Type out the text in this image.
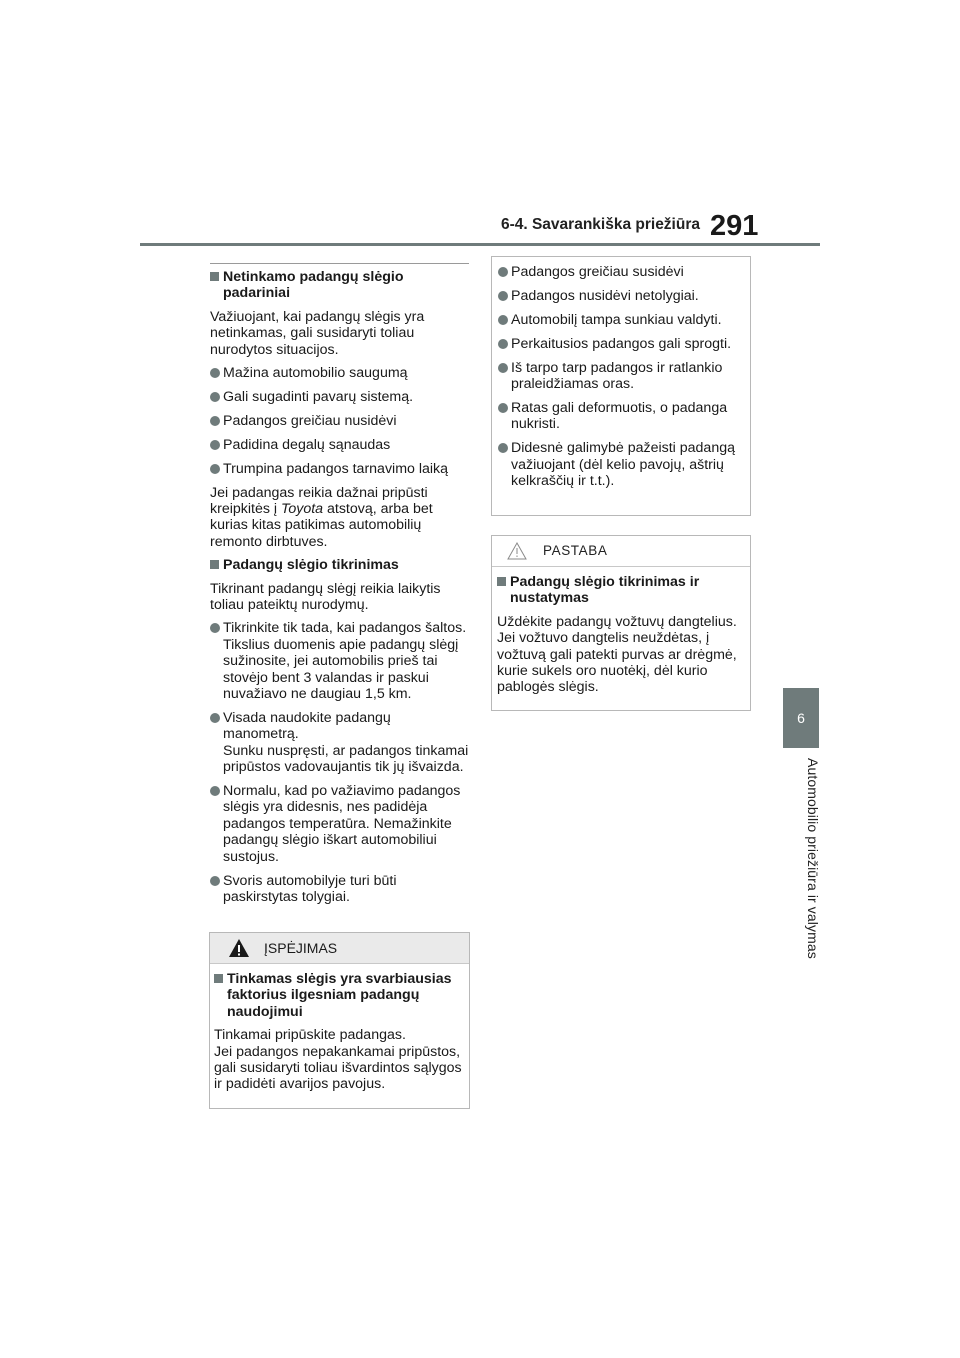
6-4. Savarankiška priežiūra 291
6
Automobilio priežiūra ir valymas
Netinkamo padangų slėgio padariniai

Važiuojant, kai padangų slėgis yra netinkamas, gali susidaryti toliau nurodytos situacijos.

Mažina automobilio saugumą
Gali sugadinti pavarų sistemą.
Padangos greičiau nusidėvi
Padidina degalų sąnaudas
Trumpina padangos tarnavimo laiką

Jei padangas reikia dažnai pripūsti kreipkitės į Toyota atstovą, arba bet kurias kitas patikimas automobilių remonto dirbtuves.

Padangų slėgio tikrinimas

Tikrinant padangų slėgį reikia laikytis toliau pateiktų nurodymų.

Tikrinkite tik tada, kai padangos šaltos.
Tikslius duomenis apie padangų slėgį sužinosite, jei automobilis prieš tai stovėjo bent 3 valandas ir paskui nuvažiavo ne daugiau 1,5 km.
Visada naudokite padangų manometrą.
Sunku nuspręsti, ar padangos tinkamai pripūstos vadovaujantis tik jų išvaizda.
Normalu, kad po važiavimo padangos slėgis yra didesnis, nes padidėja padangos temperatūra. Nemažinkite padangų slėgio iškart automobiliui sustojus.
Svoris automobilyje turi būti paskirstytas tolygiai.
ĮSPĖJIMAS
Tinkamas slėgis yra svarbiausias faktorius ilgesniam padangų naudojimui

Tinkamai pripūskite padangas.
Jei padangos nepakankamai pripūstos, gali susidaryti toliau išvardintos sąlygos ir padidėti avarijos pavojus.

Padangos greičiau susidėvi
Padangos nusidėvi netolygiai.
Automobilį tampa sunkiau valdyti.
Perkaitusios padangos gali sprogti.
Iš tarpo tarp padangos ir ratlankio praleidžiamas oras.
Ratas gali deformuotis, o padanga nukristi.
Didesnė galimybė pažeisti padangą važiuojant (dėl kelio pavojų, aštrių kelkraščių ir t.t.).
PASTABA
Padangų slėgio tikrinimas ir nustatymas

Uždėkite padangų vožtuvų dangtelius.
Jei vožtuvo dangtelis neuždėtas, į vožtuvą gali patekti purvas ar drėgmė, kurie sukels oro nuotėkį, dėl kurio pablogės slėgis.
